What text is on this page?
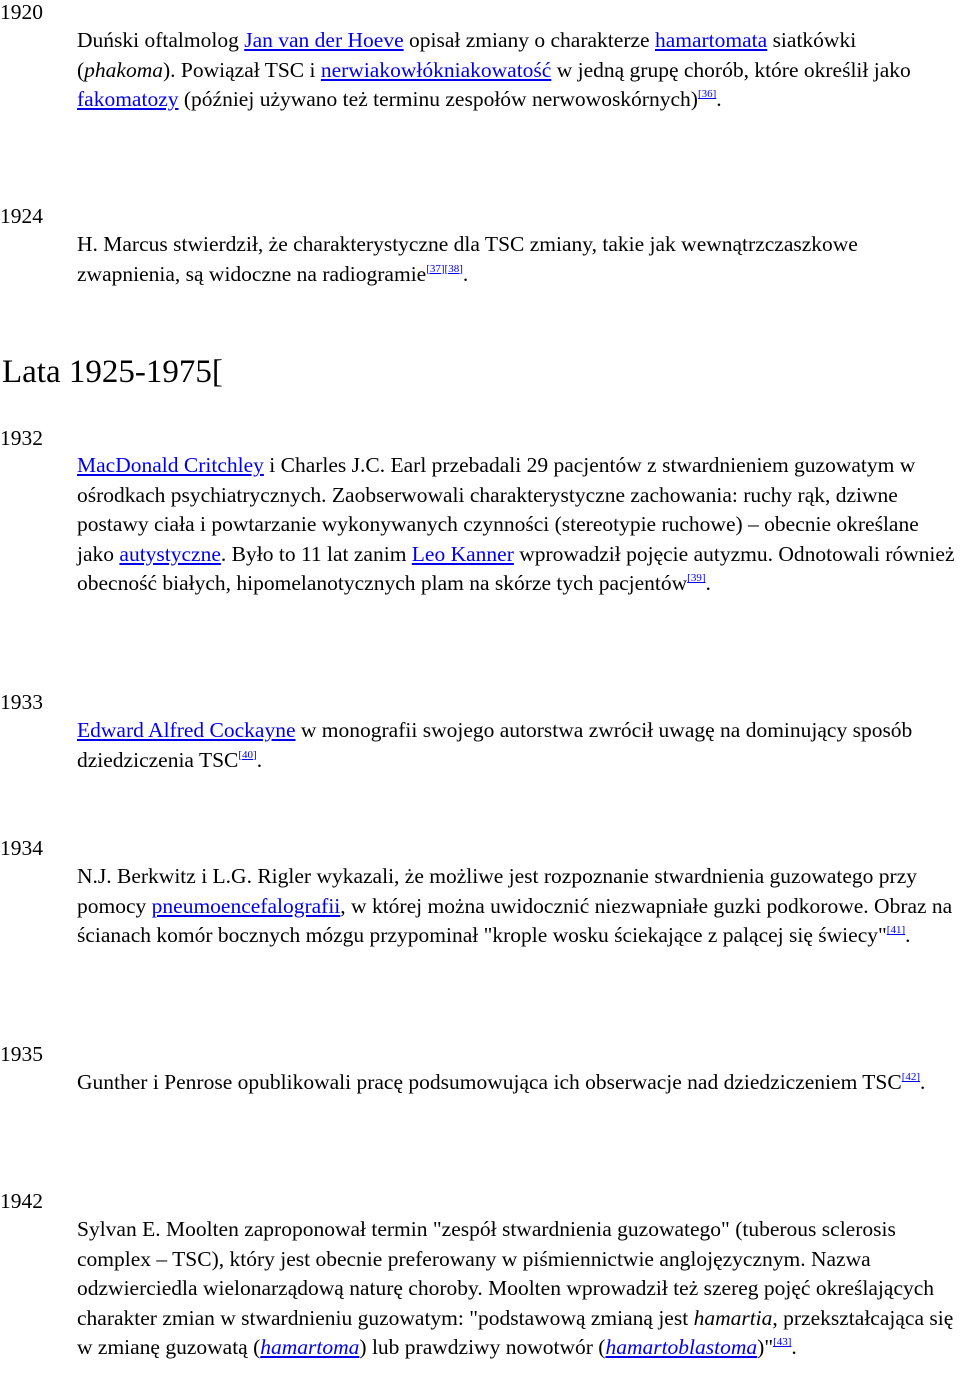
1920

Duński oftalmolog Jan van der Hoeve opisał zmiany o charakterze hamartomata siatkówki (phakoma). Powiązał TSC i nerwiakowłókniakowatość w jedną grupę chorób, które określił jako fakomatozy (później używano też terminu zespołów nerwowoskórnych)[36].

1924

H. Marcus stwierdził, że charakterystyczne dla TSC zmiany, takie jak wewnątrzczaszkowe zwapnienia, są widoczne na radiogramie[37][38].

Lata 1925-1975[
1932

MacDonald Critchley i Charles J.C. Earl przebadali 29 pacjentów z stwardnieniem guzowatym w ośrodkach psychiatrycznych. Zaobserwowali charakterystyczne zachowania: ruchy rąk, dziwne postawy ciała i powtarzanie wykonywanych czynności (stereotypie ruchowe) – obecnie określane jako autystyczne. Było to 11 lat zanim Leo Kanner wprowadził pojęcie autyzmu. Odnotowali również obecność białych, hipomelanotycznych plam na skórze tych pacjentów[39].

1933

Edward Alfred Cockayne w monografii swojego autorstwa zwrócił uwagę na dominujący sposób dziedziczenia TSC[40].

1934

N.J. Berkwitz i L.G. Rigler wykazali, że możliwe jest rozpoznanie stwardnienia guzowatego przy pomocy pneumoencefalografii, w której można uwidocznić niezwapniałe guzki podkorowe. Obraz na ścianach komór bocznych mózgu przypominał "krople wosku ściekające z palącej się świecy"[41].

1935

Gunther i Penrose opublikowali pracę podsumowująca ich obserwacje nad dziedziczeniem TSC[42].

1942

Sylvan E. Moolten zaproponował termin "zespół stwardnienia guzowatego" (tuberous sclerosis complex – TSC), który jest obecnie preferowany w piśmiennictwie anglojęzycznym. Nazwa odzwierciedla wielonarządową naturę choroby. Moolten wprowadził też szereg pojęć określających charakter zmian w stwardnieniu guzowatym: "podstawową zmianą jest hamartia, przekształcająca się w zmianę guzowatą (hamartoma) lub prawdziwy nowotwór (hamartoblastoma)"[43].
